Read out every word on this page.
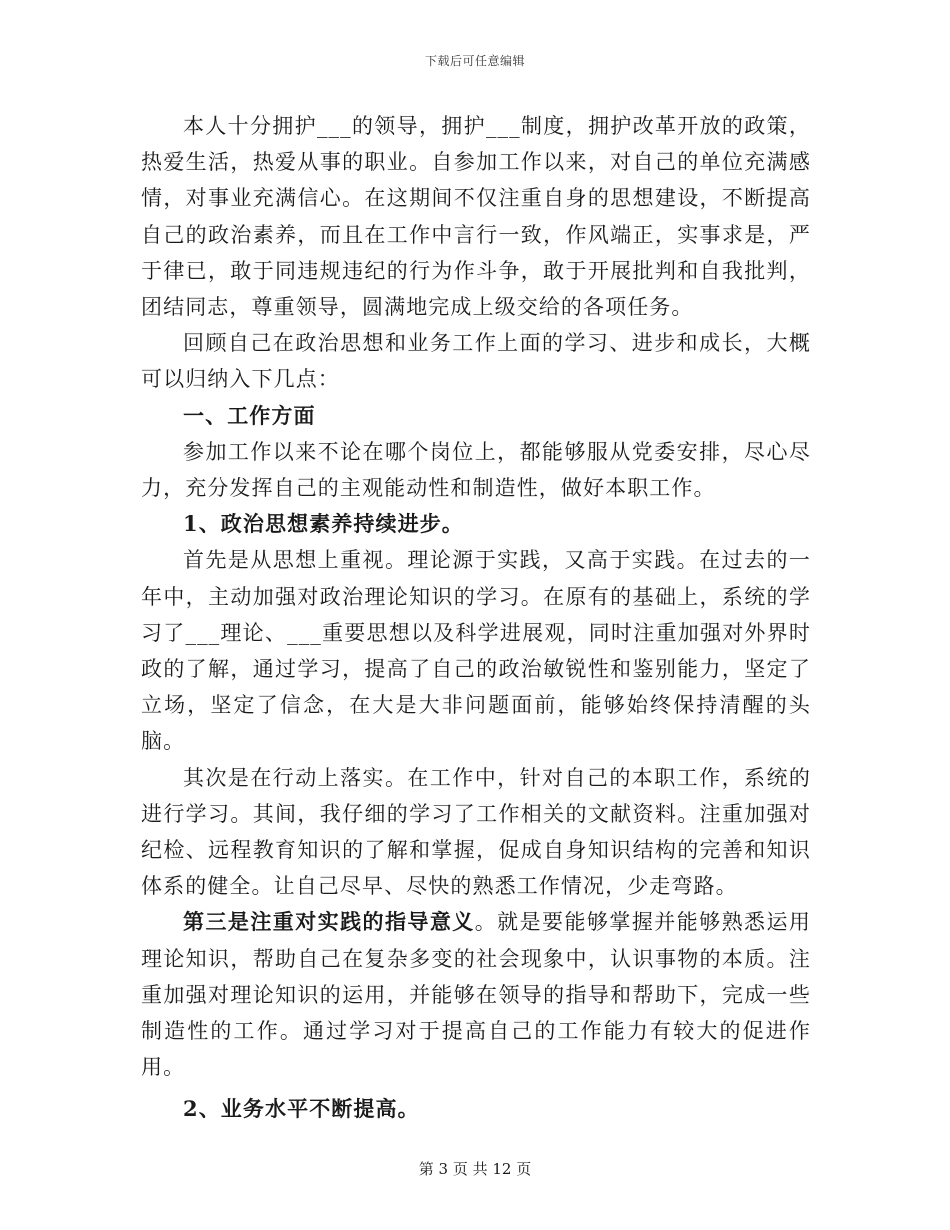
下载后可任意编辑

本人十分拥护___的领导，拥护___制度，拥护改革开放的政策，热爱生活，热爱从事的职业。自参加工作以来，对自己的单位充满感情，对事业充满信心。在这期间不仅注重自身的思想建设，不断提高自己的政治素养，而且在工作中言行一致，作风端正，实事求是，严于律已，敢于同违规违纪的行为作斗争，敢于开展批判和自我批判，团结同志，尊重领导，圆满地完成上级交给的各项任务。

回顾自己在政治思想和业务工作上面的学习、进步和成长，大概可以归纳入下几点：

一、工作方面

参加工作以来不论在哪个岗位上，都能够服从党委安排，尽心尽力，充分发挥自己的主观能动性和制造性，做好本职工作。

1、政治思想素养持续进步。

首先是从思想上重视。理论源于实践，又高于实践。在过去的一年中，主动加强对政治理论知识的学习。在原有的基础上，系统的学习了___理论、___重要思想以及科学进展观，同时注重加强对外界时政的了解，通过学习，提高了自己的政治敏锐性和鉴别能力，坚定了立场，坚定了信念，在大是大非问题面前，能够始终保持清醒的头脑。

其次是在行动上落实。在工作中，针对自己的本职工作，系统的进行学习。其间，我仔细的学习了工作相关的文献资料。注重加强对纪检、远程教育知识的了解和掌握，促成自身知识结构的完善和知识体系的健全。让自己尽早、尽快的熟悉工作情况，少走弯路。

第三是注重对实践的指导意义。就是要能够掌握并能够熟悉运用理论知识，帮助自己在复杂多变的社会现象中，认识事物的本质。注重加强对理论知识的运用，并能够在领导的指导和帮助下，完成一些制造性的工作。通过学习对于提高自己的工作能力有较大的促进作用。

2、业务水平不断提高。

第 3 页 共 12 页
